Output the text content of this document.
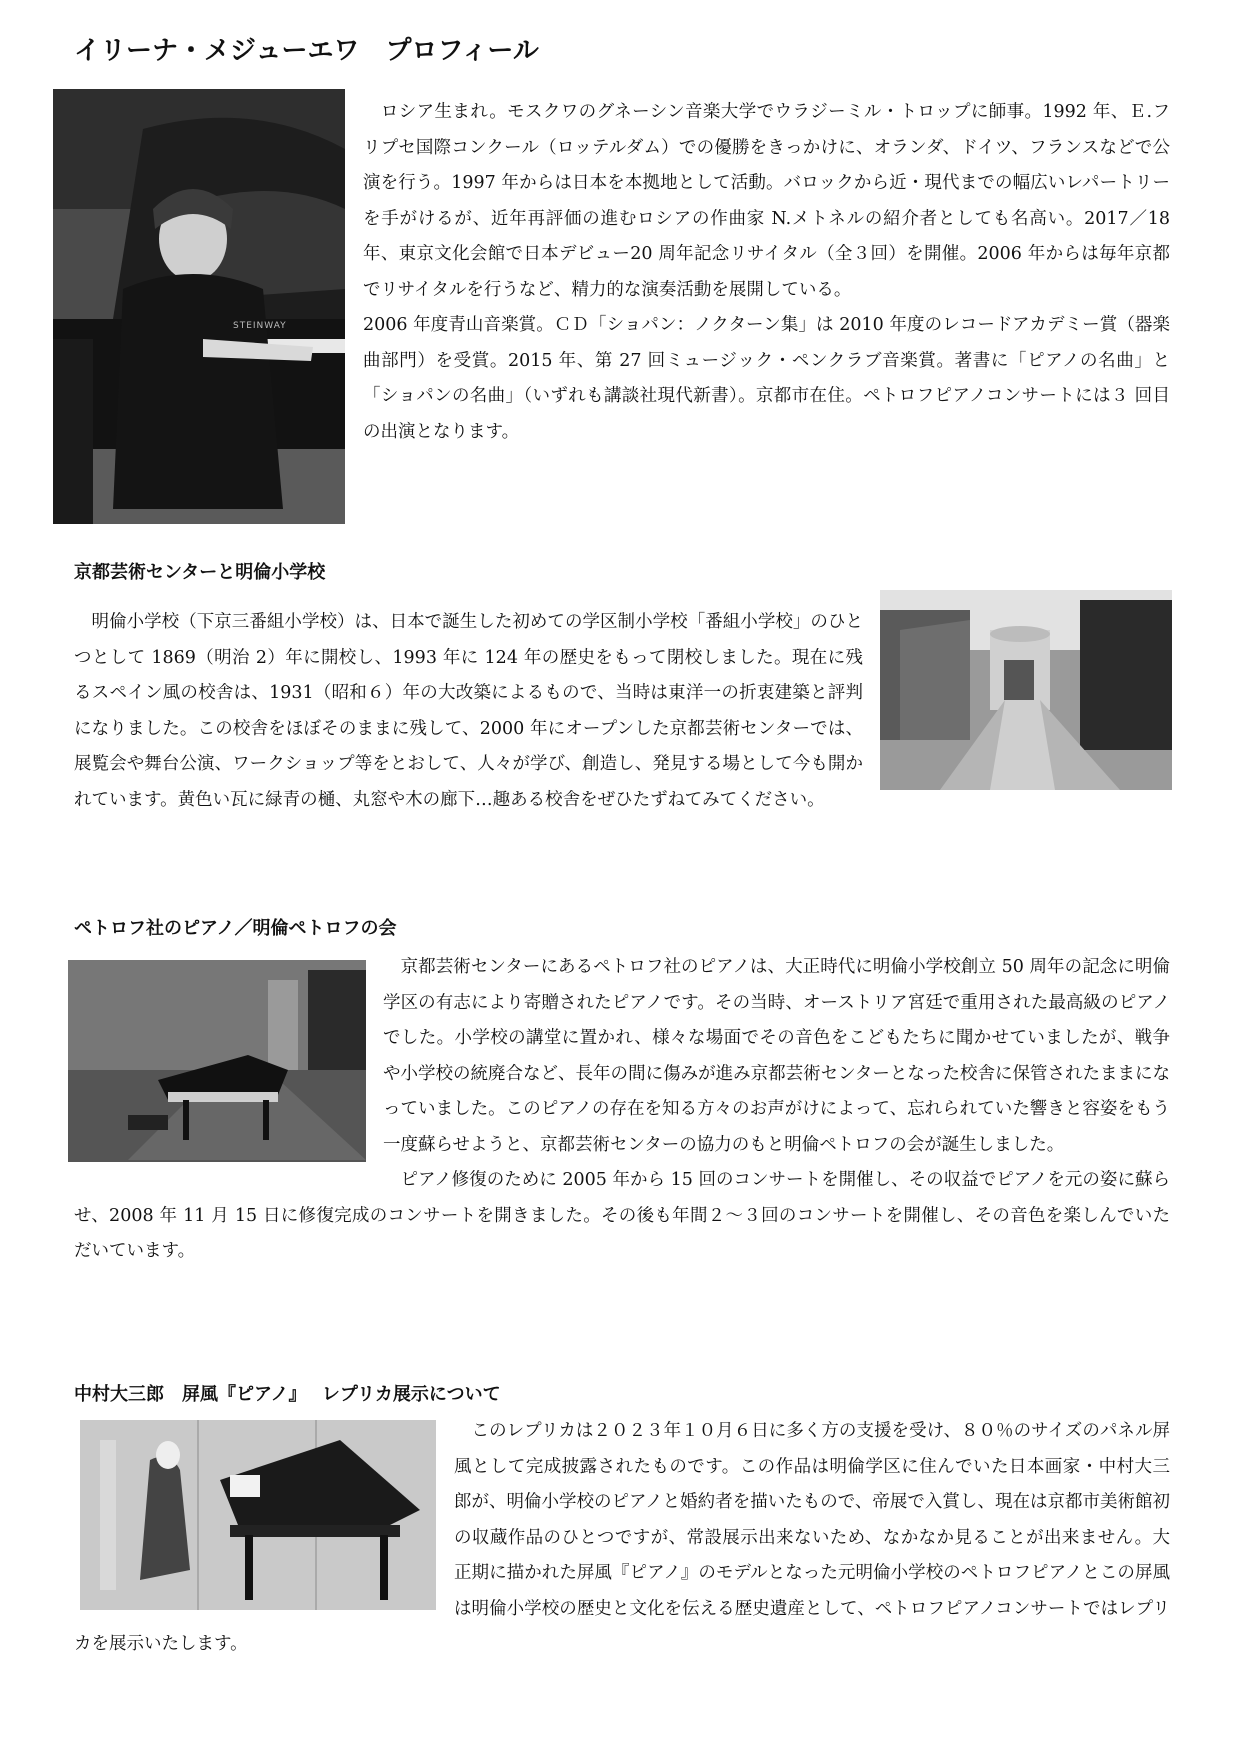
イリーナ・メジューエワ　プロフィール
STEINWAY

　ロシア生まれ。モスクワのグネーシン音楽大学でウラジーミル・トロップに師事。1992 年、Ｅ.フリプセ国際コンクール（ロッテルダム）での優勝をきっかけに、オランダ、ドイツ、フランスなどで公演を行う。1997 年からは日本を本拠地として活動。バロックから近・現代までの幅広いレパートリーを手がけるが、近年再評価の進むロシアの作曲家 N.メトネルの紹介者としても名高い。2017／18 年、東京文化会館で日本デビュー20 周年記念リサイタル（全３回）を開催。2006 年からは毎年京都でリサイタルを行うなど、精力的な演奏活動を展開している。

2006 年度青山音楽賞。ＣＤ「ショパン：ノクターン集」は 2010 年度のレコードアカデミー賞（器楽曲部門）を受賞。2015 年、第 27 回ミュージック・ペンクラブ音楽賞。著書に「ピアノの名曲」と「ショパンの名曲」（いずれも講談社現代新書）。京都市在住。ペトロフピアノコンサートには３ 回目の出演となります。

京都芸術センターと明倫小学校

　明倫小学校（下京三番組小学校）は、日本で誕生した初めての学区制小学校「番組小学校」のひとつとして 1869（明治 2）年に開校し、1993 年に 124 年の歴史をもって閉校しました。現在に残るスペイン風の校舎は、1931（昭和６）年の大改築によるもので、当時は東洋一の折衷建築と評判になりました。この校舎をほぼそのままに残して、2000 年にオープンした京都芸術センターでは、展覧会や舞台公演、ワークショップ等をとおして、人々が学び、創造し、発見する場として今も開かれています。黄色い瓦に緑青の樋、丸窓や木の廊下…趣ある校舎をぜひたずねてみてください。

ペトロフ社のピアノ／明倫ペトロフの会

　京都芸術センターにあるペトロフ社のピアノは、大正時代に明倫小学校創立 50 周年の記念に明倫学区の有志により寄贈されたピアノです。その当時、オーストリア宮廷で重用された最高級のピアノでした。小学校の講堂に置かれ、様々な場面でその音色をこどもたちに聞かせていましたが、戦争や小学校の統廃合など、長年の間に傷みが進み京都芸術センターとなった校舎に保管されたままになっていました。このピアノの存在を知る方々のお声がけによって、忘れられていた響きと容姿をもう一度蘇らせようと、京都芸術センターの協力のもと明倫ペトロフの会が誕生しました。

　ピアノ修復のために 2005 年から 15 回のコンサートを開催し、その収益でピアノを元の姿に蘇らせ、2008 年 11 月 15 日に修復完成のコンサートを開きました。その後も年間２～３回のコンサートを開催し、その音色を楽しんでいただいています。

中村大三郎　屏風『ピアノ』　 レプリカ展示について

　このレプリカは２０２３年１０月６日に多く方の支援を受け、８０％のサイズのパネル屏風として完成披露されたものです。この作品は明倫学区に住んでいた日本画家・中村大三郎が、明倫小学校のピアノと婚約者を描いたもので、帝展で入賞し、現在は京都市美術館初の収蔵作品のひとつですが、常設展示出来ないため、なかなか見ることが出来ません。大正期に描かれた屏風『ピアノ』のモデルとなった元明倫小学校のペトロフピアノとこの屏風は明倫小学校の歴史と文化を伝える歴史遺産として、ペトロフピアノコンサートではレプリカを展示いたします。
